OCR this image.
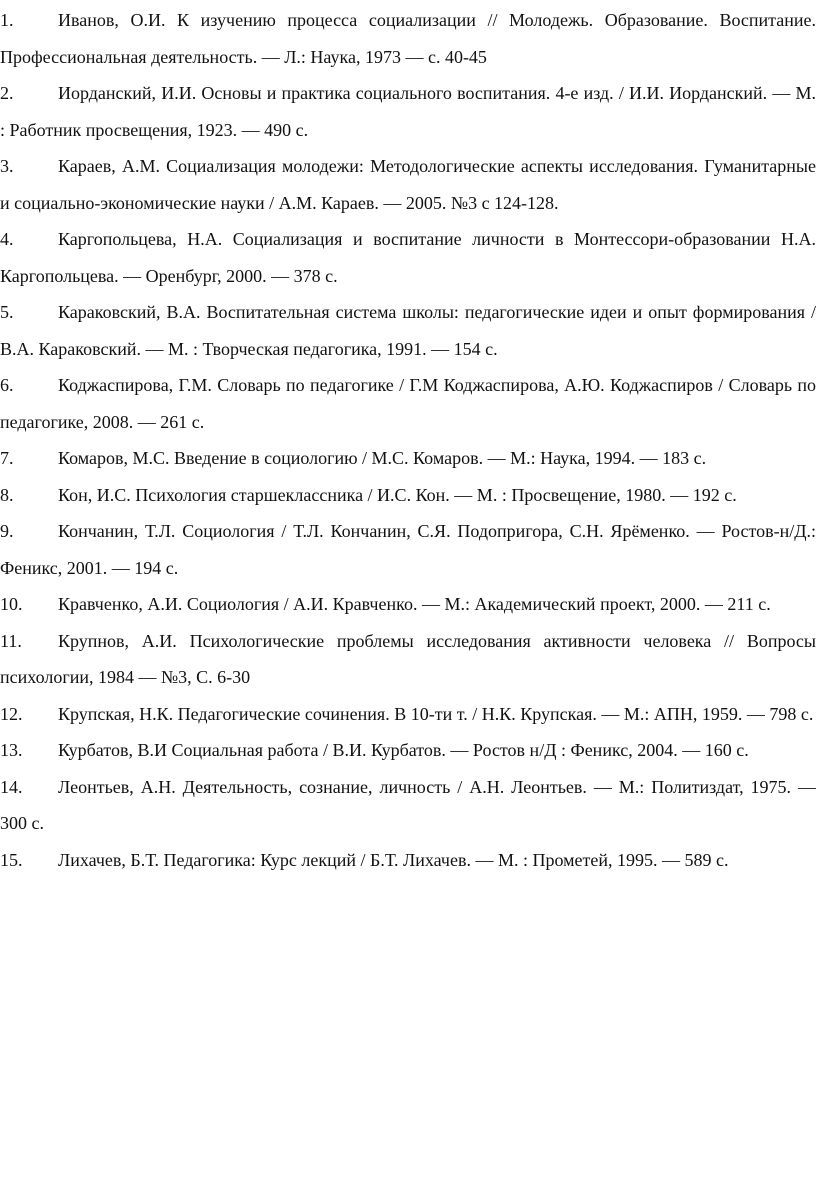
1.	Иванов, О.И. К изучению процесса социализации // Молодежь. Образование. Воспитание. Профессиональная деятельность. — Л.: Наука, 1973 — с. 40-45

2.	Иорданский, И.И. Основы и практика социального воспитания. 4-е изд. / И.И. Иорданский. — М. : Работник просвещения, 1923. — 490 с.

3.	Караев, А.М. Социализация молодежи: Методологические аспекты исследования. Гуманитарные и социально-экономические науки / А.М. Караев. — 2005. №3 с 124-128.

4.	Каргопольцева, Н.А. Социализация и воспитание личности в Монтессори-образовании Н.А. Каргопольцева. — Оренбург, 2000. — 378 с.

5.	Караковский, В.А. Воспитательная система школы: педагогические идеи и опыт формирования / В.А. Караковский. — М. : Творческая педагогика, 1991. — 154 с.

6.	Коджаспирова, Г.М. Словарь по педагогике / Г.М Коджаспирова, А.Ю. Коджаспиров / Словарь по педагогике, 2008. ― 261 с.

7.	Комаров, М.С. Введение в социологию / М.С. Комаров. — М.: Наука, 1994. — 183 с.

8.	Кон, И.С. Психология старшеклассника / И.С. Кон. — М. : Просвещение, 1980. — 192 с.

9.	Кончанин, Т.Л. Социология / Т.Л. Кончанин, С.Я. Подопригора, С.Н. Ярёменко. — Ростов-н/Д.: Феникс, 2001. — 194 с.

10.	Кравченко, А.И. Социология / А.И. Кравченко. — М.: Академический проект, 2000. — 211 с.

11.	Крупнов, А.И. Психологические проблемы исследования активности человека // Вопросы психологии, 1984 — №3, С. 6-30

12.	Крупская, Н.К. Педагогические сочинения. В 10-ти т. / Н.К. Крупская. — М.: АПН, 1959. — 798 с.

13.	Курбатов, В.И Социальная работа / В.И. Курбатов. — Ростов н/Д : Феникс, 2004. — 160 с.

14.	Леонтьев, А.Н. Деятельность, сознание, личность / А.Н. Леонтьев. — М.: Политиздат, 1975. — 300 с.

15.	Лихачев, Б.Т. Педагогика: Курс лекций / Б.Т. Лихачев. — М. : Прометей, 1995. — 589 с.
